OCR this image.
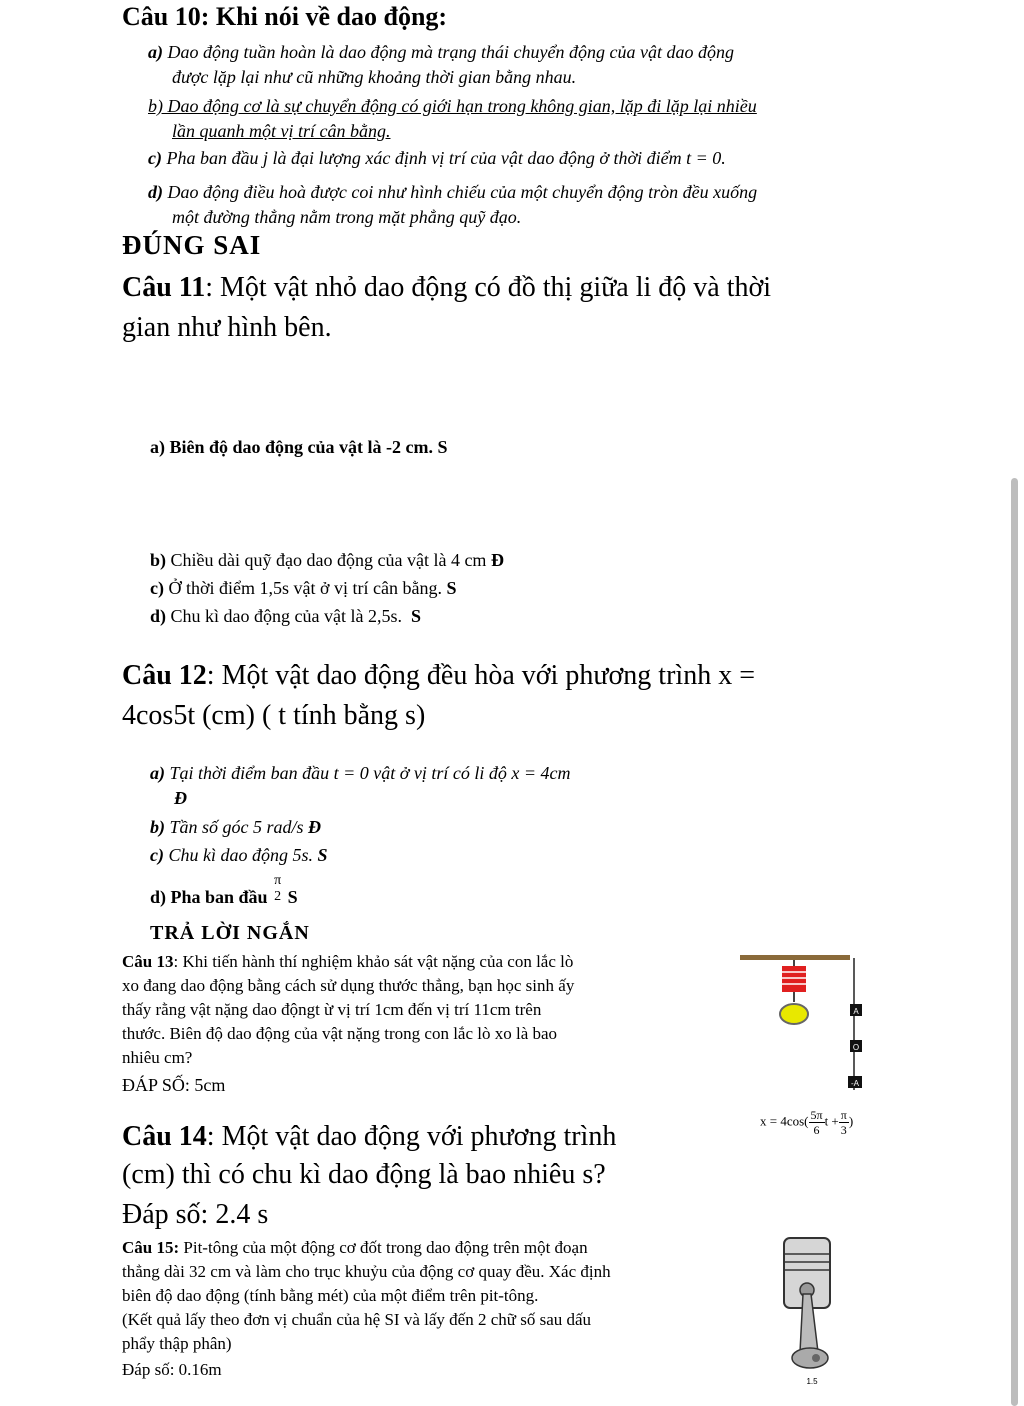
Câu 10: Khi nói về dao động:
a) Dao động tuần hoàn là dao động mà trạng thái chuyển động của vật dao động
được lặp lại như cũ những khoảng thời gian bằng nhau.
b) Dao động cơ là sự chuyển động có giới hạn trong không gian, lặp đi lặp lại nhiều
lần quanh một vị trí cân bằng.
c) Pha ban đầu j là đại lượng xác định vị trí của vật dao động ở thời điểm t = 0.
d) Dao động điều hoà được coi như hình chiếu của một chuyển động tròn đều xuống
một đường thẳng nằm trong mặt phẳng quỹ đạo.
ĐÚNG SAI
Câu 11: Một vật nhỏ dao động có đồ thị giữa li độ và thời
gian như hình bên.
a) Biên độ dao động của vật là -2 cm. S
b) Chiều dài quỹ đạo dao động của vật là 4 cm Đ
c) Ở thời điểm 1,5s vật ở vị trí cân bằng. S
d) Chu kì dao động của vật là 2,5s. S
Câu 12: Một vật dao động đều hòa với phương trình x =
4cos5t (cm) ( t tính bằng s)
a) Tại thời điểm ban đầu t = 0 vật ở vị trí có li độ x = 4cm
Đ
b) Tần số góc 5 rad/s Đ
c) Chu kì dao động 5s. S
d) Pha ban đầu
π
2 S
TRẢ LỜI NGẮN
Câu 13: Khi tiến hành thí nghiệm khảo sát vật nặng của con lắc lò
xo đang dao động bằng cách sử dụng thước thẳng, bạn học sinh ấy
thấy rằng vật nặng dao độngt ừ vị trí 1cm đến vị trí 11cm trên
thước. Biên độ dao động của vật nặng trong con lắc lò xo là bao
nhiêu cm?
ĐÁP SỐ: 5cm
A
O
-A
Câu 14: Một vật dao động với phương trình
$x = 4\cos( \frac{5\pi}{6}$ $t + \frac{\pi}{3}$ )
(cm) thì có chu kì dao động là bao nhiêu s?
Đáp số: 2.4 s
Câu 15: Pit-tông của một động cơ đốt trong dao động trên một đoạn
thẳng dài 32 cm và làm cho trục khuỷu của động cơ quay đều. Xác định
biên độ dao động (tính bằng mét) của một điểm trên pit-tông.
(Kết quả lấy theo đơn vị chuẩn của hệ SI và lấy đến 2 chữ số sau dấu
phẩy thập phân)
Đáp số: 0.16m
1.5
